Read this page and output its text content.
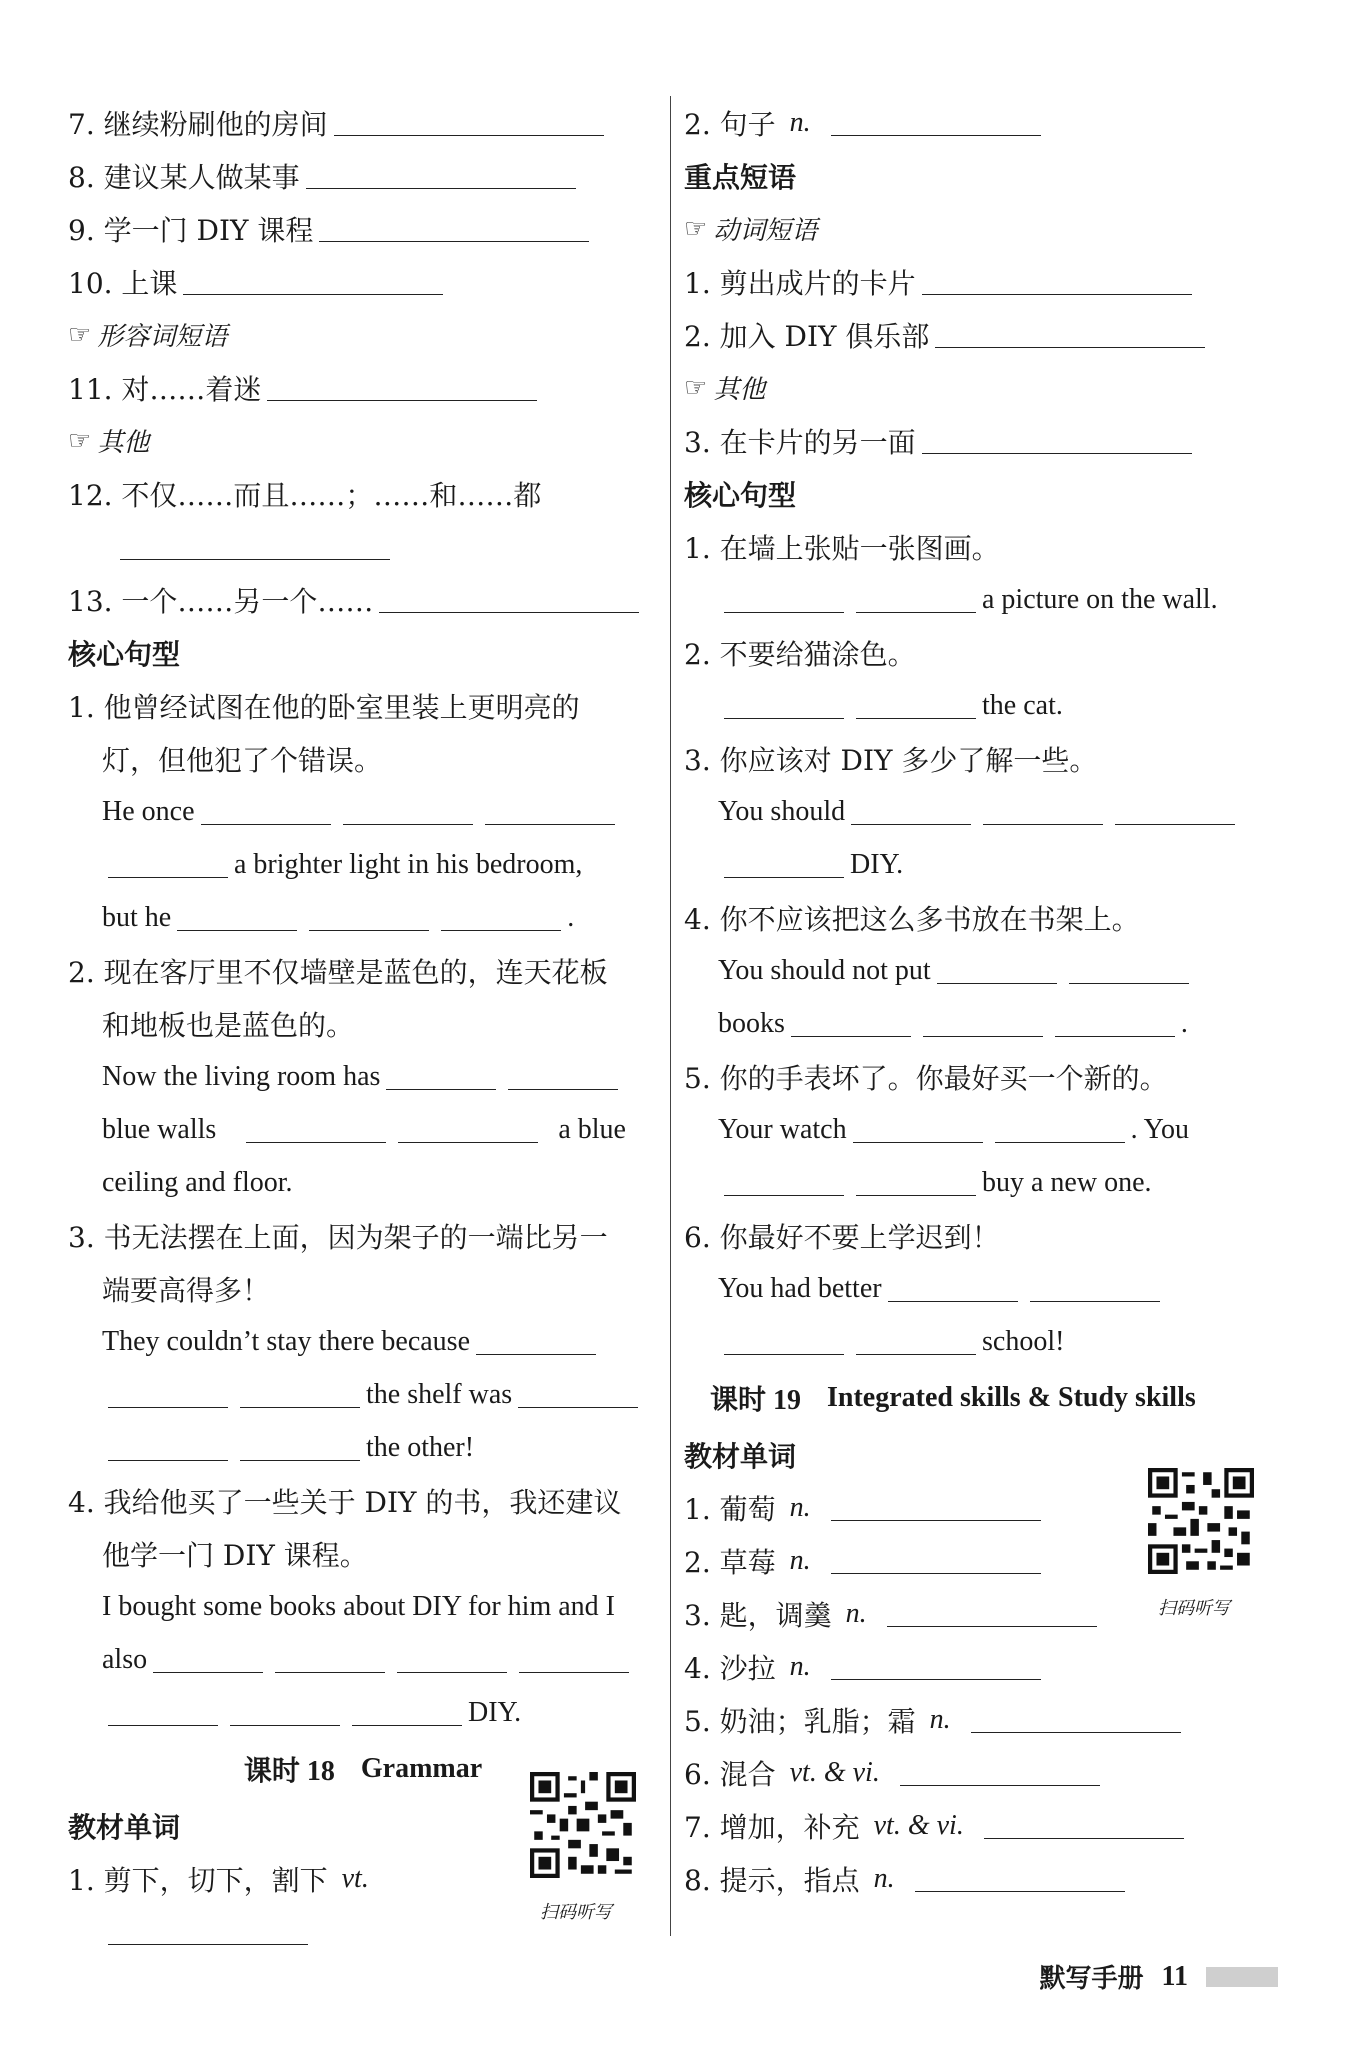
7. 继续粉刷他的房间
8. 建议某人做某事
9. 学一门 DIY 课程
10. 上课
☞ 形容词短语
11. 对……着迷
☞ 其他
12. 不仅……而且……；……和……都
13. 一个……另一个……
核心句型
1. 他曾经试图在他的卧室里装上更明亮的
灯，但他犯了个错误。
He once
a brighter light in his bedroom,
but he	.
2. 现在客厅里不仅墙壁是蓝色的，连天花板
和地板也是蓝色的。
Now the living room has
blue walls	a blue
ceiling and floor.
3. 书无法摆在上面，因为架子的一端比另一
端要高得多！
They couldn’t stay there because
the shelf was
the other!
4. 我给他买了一些关于 DIY 的书，我还建议
他学一门 DIY 课程。
I bought some books about DIY for him and I
also
DIY.
课时 18 Grammar
教材单词
1. 剪下，切下，割下 vt.
扫码听写
2. 句子 n.
重点短语
☞ 动词短语
1. 剪出成片的卡片
2. 加入 DIY 俱乐部
☞ 其他
3. 在卡片的另一面
核心句型
1. 在墙上张贴一张图画。
a picture on the wall.
2. 不要给猫涂色。
the cat.
3. 你应该对 DIY 多少了解一些。
You should
DIY.
4. 你不应该把这么多书放在书架上。
You should not put
books	.
5. 你的手表坏了。你最好买一个新的。
Your watch	. You
buy a new one.
6. 你最好不要上学迟到！
You had better
school!
课时 19 Integrated skills & Study skills
教材单词
1. 葡萄 n.
2. 草莓 n.
3. 匙，调羹 n.
4. 沙拉 n.
5. 奶油；乳脂；霜 n.
6. 混合 vt. & vi.
7. 增加，补充 vt. & vi.
8. 提示，指点 n.
扫码听写
默写手册 11
